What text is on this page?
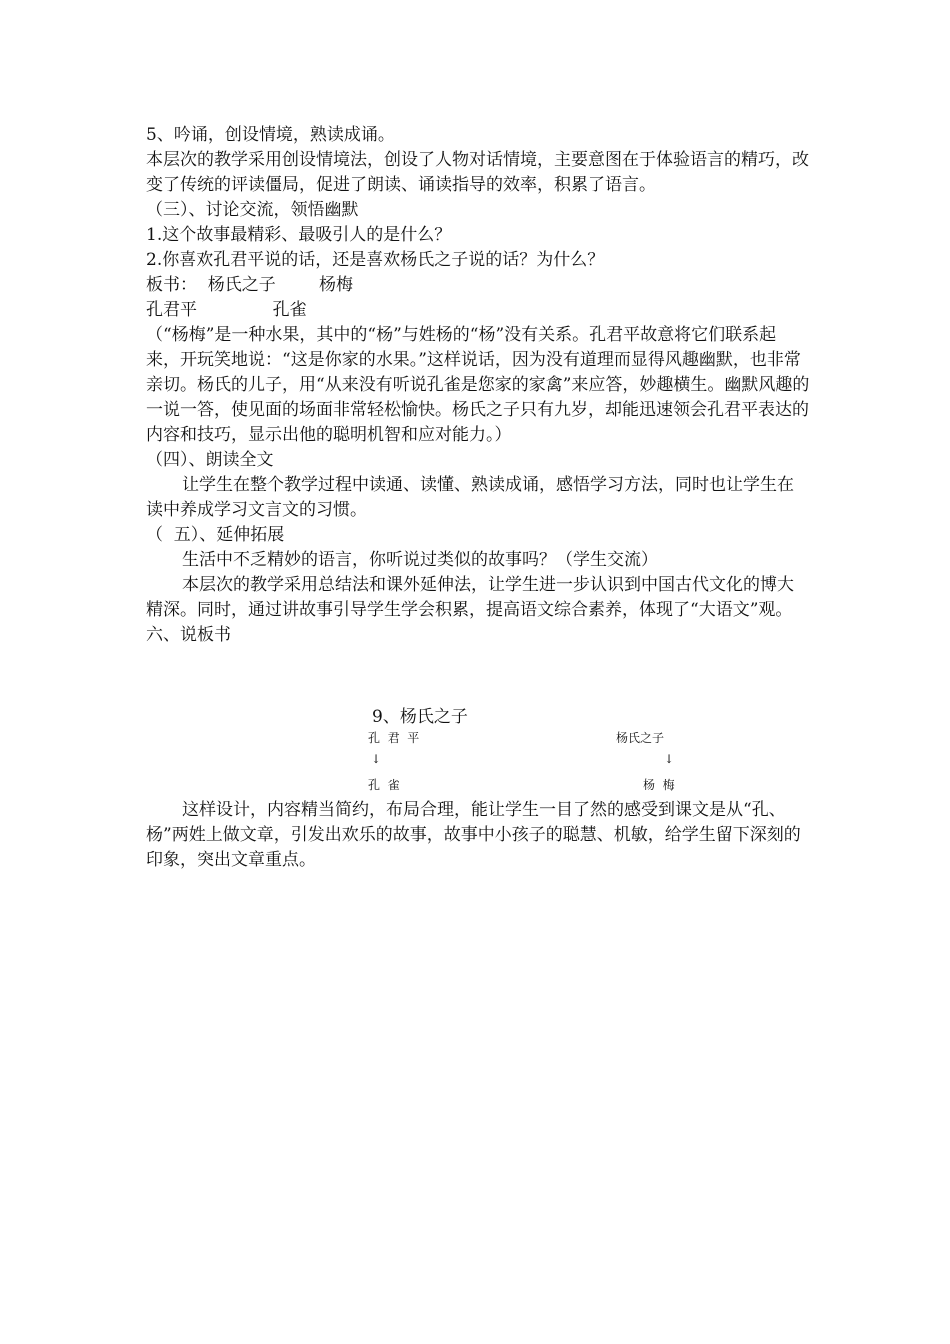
5、吟诵，创设情境，熟读成诵。

本层次的教学采用创设情境法，创设了人物对话情境，主要意图在于体验语言的精巧，改变了传统的评读僵局，促进了朗读、诵读指导的效率，积累了语言。

（三）、讨论交流，领悟幽默

1.这个故事最精彩、最吸引人的是什么？

2.你喜欢孔君平说的话，还是喜欢杨氏之子说的话？为什么？

板书：  杨氏之子        杨梅

孔君平              孔雀

（“杨梅”是一种水果，其中的“杨”与姓杨的“杨”没有关系。孔君平故意将它们联系起来，开玩笑地说：“这是你家的水果。”这样说话，因为没有道理而显得风趣幽默，也非常亲切。杨氏的儿子，用“从来没有听说孔雀是您家的家禽”来应答，妙趣横生。幽默风趣的一说一答，使见面的场面非常轻松愉快。杨氏之子只有九岁，却能迅速领会孔君平表达的内容和技巧，显示出他的聪明机智和应对能力。）

（四）、朗读全文

让学生在整个教学过程中读通、读懂、熟读成诵，感悟学习方法，同时也让学生在读中养成学习文言文的习惯。

（  五）、延伸拓展

生活中不乏精妙的语言，你听说过类似的故事吗？（学生交流）

本层次的教学采用总结法和课外延伸法，让学生进一步认识到中国古代文化的博大精深。同时，通过讲故事引导学生学会积累，提高语文综合素养，体现了“大语文”观。

六、说板书

9、杨氏之子
孔  君  平
↓
孔  雀
杨氏之子
↓
杨  梅

这样设计，内容精当简约，布局合理，能让学生一目了然的感受到课文是从“孔、杨”两姓上做文章，引发出欢乐的故事，故事中小孩子的聪慧、机敏，给学生留下深刻的印象，突出文章重点。
